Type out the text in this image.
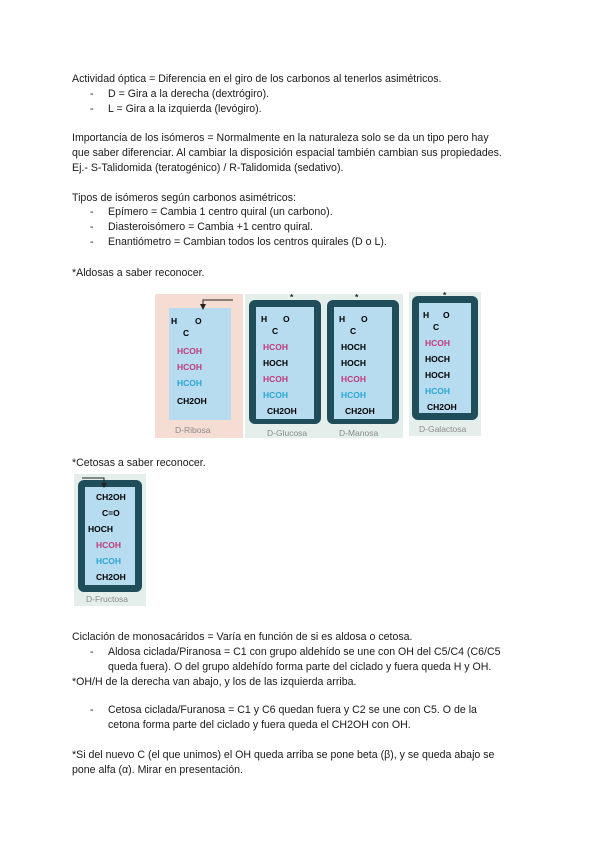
Actividad óptica = Diferencia en el giro de los carbonos al tenerlos asimétricos.

- D = Gira a la derecha (dextrógiro).
- L = Gira a la izquierda (levógiro).

Importancia de los isómeros = Normalmente en la naturaleza solo se da un tipo pero hay

que saber diferenciar. Al cambiar la disposición espacial también cambian sus propiedades.

Ej.- S-Talidomida (teratogénico) / R-Talidomida (sedativo).

Tipos de isómeros según carbonos asimétricos:

- Epímero = Cambia 1 centro quiral (un carbono).
- Diasteroisómero = Cambia +1 centro quiral.
- Enantiómetro = Cambian todos los centros quirales (D o L).

*Aldosas a saber reconocer.

H O
C
HCOH
HCOH
HCOH
CH2OH
D-Ribosa
*	*
H O
C
HCOH
HOCH
HCOH
HCOH
CH2OH
H O
C
HOCH
HOCH
HCOH
HCOH
CH2OH
D-Glucosa	D-Manosa
*
H O
C
HCOH
HOCH
HOCH
HCOH
CH2OH
D-Galactosa

*Cetosas a saber reconocer.

CH2OH
C=O
HOCH
HCOH
HCOH
CH2OH
D-Fructosa

Ciclación de monosacáridos = Varía en función de si es aldosa o cetosa.

- Aldosa ciclada/Piranosa = C1 con grupo aldehído se une con OH del C5/C4 (C6/C5
queda fuera). O del grupo aldehído forma parte del ciclado y fuera queda H y OH.

*OH/H de la derecha van abajo, y los de las izquierda arriba.

- Cetosa ciclada/Furanosa = C1 y C6 quedan fuera y C2 se une con C5. O de la
cetona forma parte del ciclado y fuera queda el CH2OH con OH.

*Si del nuevo C (el que unimos) el OH queda arriba se pone beta (β), y se queda abajo se

pone alfa (α). Mirar en presentación.
